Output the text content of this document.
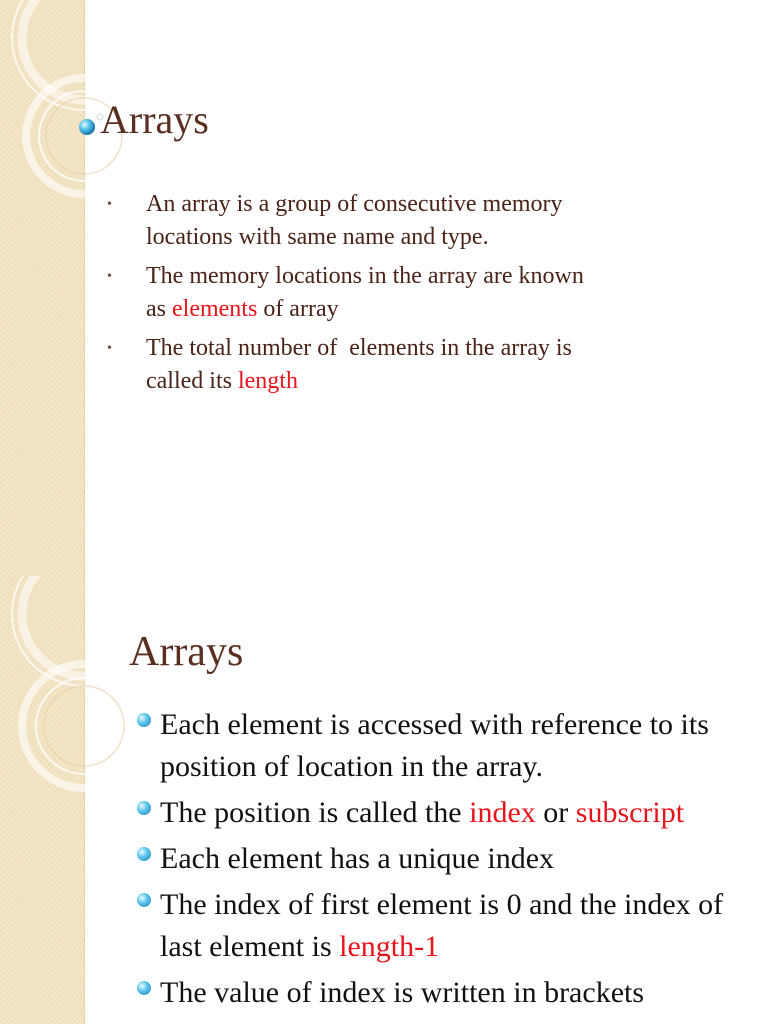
Arrays
• An array is a group of consecutive memory locations with same name and type.
• The memory locations in the array are known as elements of array
• The total number of  elements in the array is called its length
Arrays
Each element is accessed with reference to its position of location in the array.
The position is called the index or subscript
Each element has a unique index
The index of first element is 0 and the index of last element is length-1
The value of index is written in brackets
